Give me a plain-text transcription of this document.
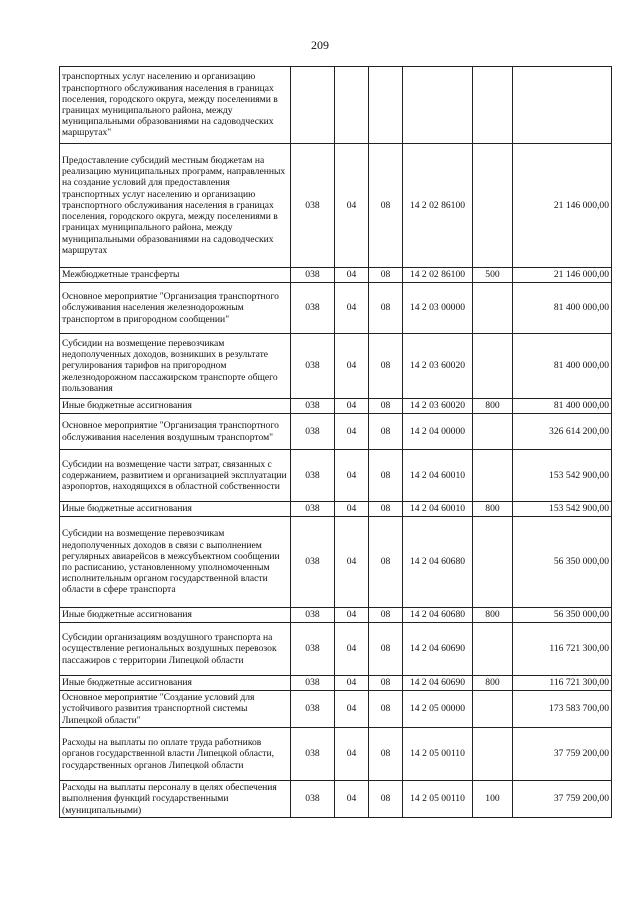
209
транспортных услуг населению и организацию транспортного обслуживания населения в границах поселения, городского округа, между поселениями в границах муниципального района, между муниципальными образованиями на садоводческих маршрутах"						
Предоставление субсидий местным бюджетам на реализацию муниципальных программ, направленных на создание условий для предоставления транспортных услуг населению и организацию транспортного обслуживания населения в границах поселения, городского округа, между поселениями в границах муниципального района, между муниципальными образованиями на садоводческих маршрутах	038	04	08	14 2 02 86100		21 146 000,00
Межбюджетные трансферты	038	04	08	14 2 02 86100	500	21 146 000,00
Основное мероприятие "Организация транспортного обслуживания населения железнодорожным транспортом в пригородном сообщении"	038	04	08	14 2 03 00000		81 400 000,00
Субсидии на возмещение перевозчикам недополученных доходов, возникших в результате регулирования тарифов на пригородном железнодорожном пассажирском транспорте общего пользования	038	04	08	14 2 03 60020		81 400 000,00
Иные бюджетные ассигнования	038	04	08	14 2 03 60020	800	81 400 000,00
Основное мероприятие "Организация транспортного обслуживания населения воздушным транспортом"	038	04	08	14 2 04 00000		326 614 200,00
Субсидии на возмещение части затрат, связанных с содержанием, развитием и организацией эксплуатации аэропортов, находящихся в областной собственности	038	04	08	14 2 04 60010		153 542 900,00
Иные бюджетные ассигнования	038	04	08	14 2 04 60010	800	153 542 900,00
Субсидии на возмещение перевозчикам недополученных доходов в связи с выполнением регулярных авиарейсов в межсубъектном сообщении по расписанию, установленному уполномоченным исполнительным органом государственной власти области в сфере транспорта	038	04	08	14 2 04 60680		56 350 000,00
Иные бюджетные ассигнования	038	04	08	14 2 04 60680	800	56 350 000,00
Субсидии организациям воздушного транспорта на осуществление региональных воздушных перевозок пассажиров с территории Липецкой области	038	04	08	14 2 04 60690		116 721 300,00
Иные бюджетные ассигнования	038	04	08	14 2 04 60690	800	116 721 300,00
Основное мероприятие "Создание условий для устойчивого развития транспортной системы Липецкой области"	038	04	08	14 2 05 00000		173 583 700,00
Расходы на выплаты по оплате труда работников органов государственной власти Липецкой области, государственных органов Липецкой области	038	04	08	14 2 05 00110		37 759 200,00
Расходы на выплаты персоналу в целях обеспечения выполнения функций государственными (муниципальными)	038	04	08	14 2 05 00110	100	37 759 200,00
